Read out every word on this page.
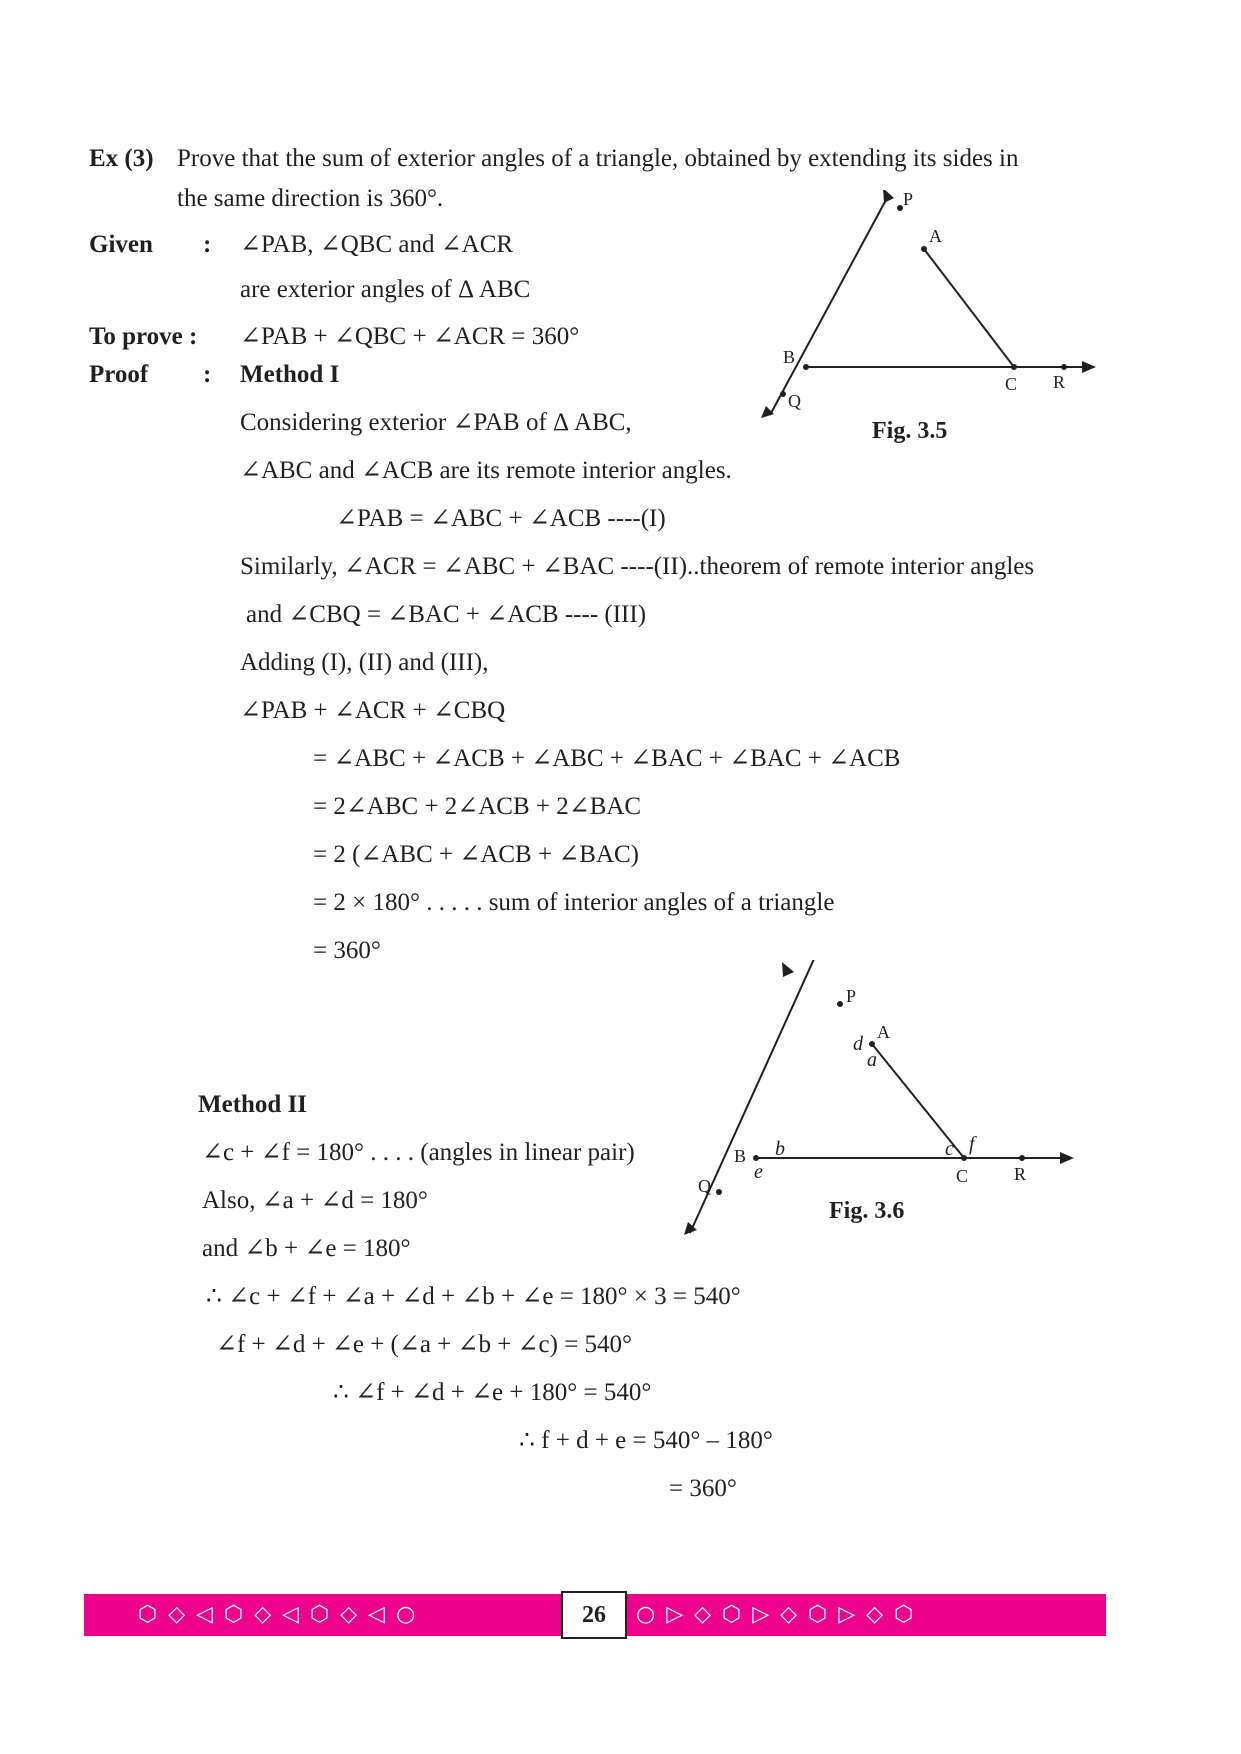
Ex (3) Prove that the sum of exterior angles of a triangle, obtained by extending its sides in
the same direction is 360°.
Given : ∠PAB, ∠QBC and ∠ACR
are exterior angles of Δ ABC
To prove : ∠PAB + ∠QBC + ∠ACR = 360°
Proof : Method I
Considering exterior ∠PAB of Δ ABC,
∠ABC and ∠ACB are its remote interior angles.
∠PAB = ∠ABC + ∠ACB ----(I)
Similarly, ∠ACR = ∠ABC + ∠BAC ----(II)..theorem of remote interior angles
and ∠CBQ = ∠BAC + ∠ACB ---- (III)
Adding (I), (II) and (III),
∠PAB + ∠ACR + ∠CBQ
= ∠ABC + ∠ACB + ∠ABC + ∠BAC + ∠BAC + ∠ACB
= 2∠ABC + 2∠ACB + 2∠BAC
= 2 (∠ABC + ∠ACB + ∠BAC)
= 2 × 180° . . . . . sum of interior angles of a triangle
= 360°
Method II
∠c + ∠f = 180° . . . . (angles in linear pair)
Also, ∠a + ∠d = 180°
and ∠b + ∠e = 180°
∴ ∠c + ∠f + ∠a + ∠d + ∠b + ∠e = 180° × 3 = 540°
∠f + ∠d + ∠e + (∠a + ∠b + ∠c) = 540°
∴ ∠f + ∠d + ∠e + 180° = 540°
∴ f + d + e = 540° – 180°
= 360°
P
A
B
C
Q
R
Fig. 3.5
P
A
B
C
Q
R
d
a
b
e
c f
Fig. 3.6
⬡ ◇ ◁ ⬡ ◇ ◁ ⬡ ◇ ◁ ○	○ ▷ ◇ ⬡ ▷ ◇ ⬡ ▷ ◇ ⬡
26
